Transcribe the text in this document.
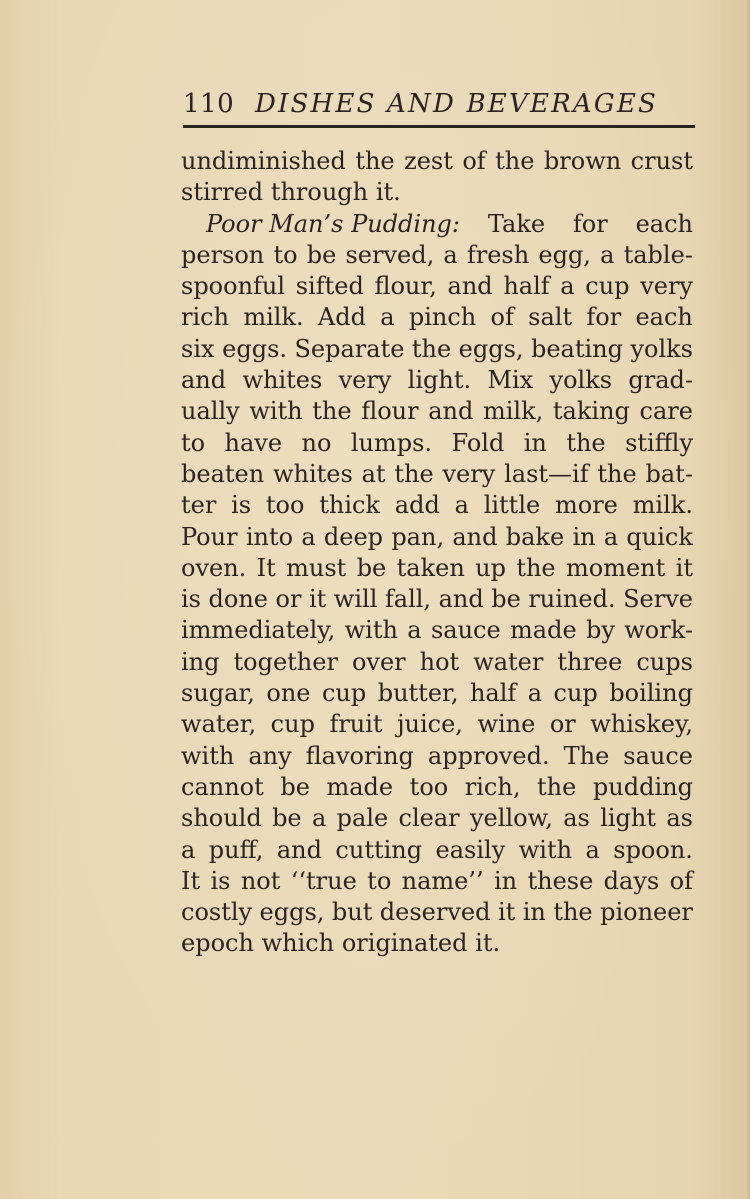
110 DISHES AND BEVERAGES
undiminished the zest of the brown crust
stirred through it.
Poor Man’s Pudding: Take for each
person to be served, a fresh egg, a table-
spoonful sifted flour, and half a cup very
rich milk. Add a pinch of salt for each
six eggs. Separate the eggs, beating yolks
and whites very light. Mix yolks grad-
ually with the flour and milk, taking care
to have no lumps. Fold in the stiffly
beaten whites at the very last—if the bat-
ter is too thick add a little more milk.
Pour into a deep pan, and bake in a quick
oven. It must be taken up the moment it
is done or it will fall, and be ruined. Serve
immediately, with a sauce made by work-
ing together over hot water three cups
sugar, one cup butter, half a cup boiling
water, cup fruit juice, wine or whiskey,
with any flavoring approved. The sauce
cannot be made too rich, the pudding
should be a pale clear yellow, as light as
a puff, and cutting easily with a spoon.
It is not ‘‘true to name’’ in these days of
costly eggs, but deserved it in the pioneer
epoch which originated it.
